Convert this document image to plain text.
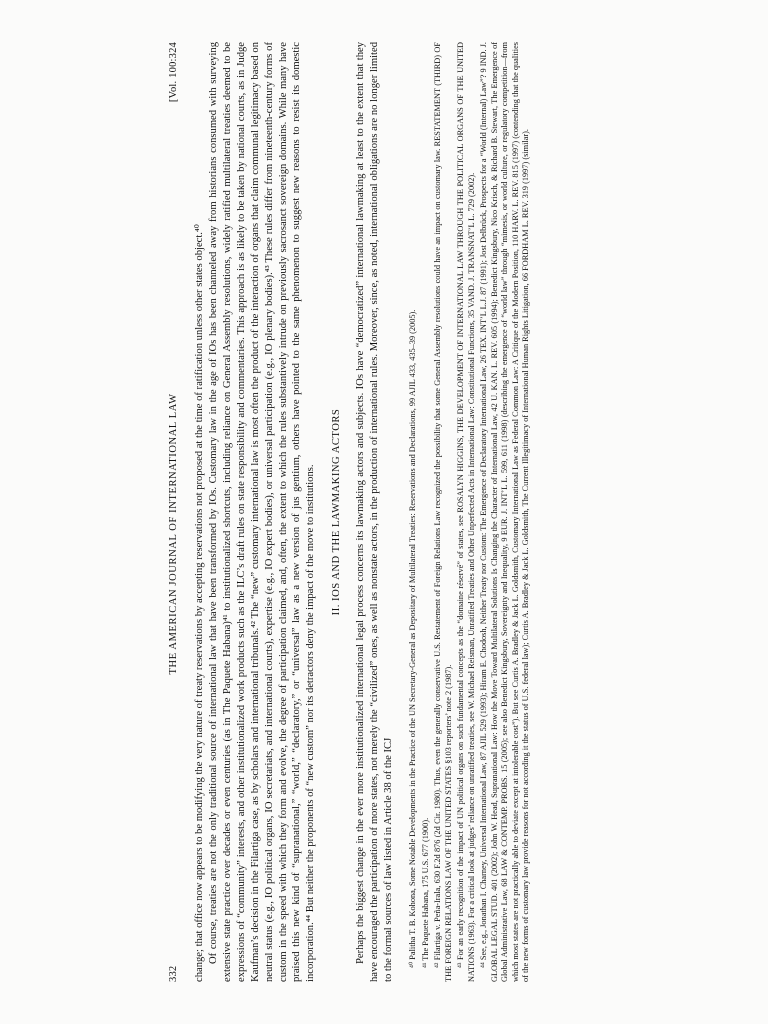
332
THE AMERICAN JOURNAL OF INTERNATIONAL LAW
[Vol. 100:324

change; that office now appears to be modifying the very nature of treaty reservations by accepting reservations not proposed at the time of ratification unless other states object.⁴⁰ Of course, treaties are not the only traditional source of international law that have been transformed by IOs. Customary law in the age of IOs has been channeled away from historians consumed with surveying extensive state practice over decades or even centuries (as in The Paquete Habana)⁴¹ to institutionalized shortcuts, including reliance on General Assembly resolutions, widely ratified multilateral treaties deemed to be expressions of “community” interests, and other institutionalized work products such as the ILC’s draft rules on state responsibility and commentaries. This approach is as likely to be taken by national courts, as in Judge Kaufman’s decision in the Filartiga case, as by scholars and international tribunals.⁴² The “new” customary international law is most often the product of the interaction of organs that claim communal legitimacy based on neutral status (e.g., IO political organs, IO secretariats, and international courts), expertise (e.g., IO expert bodies), or universal participation (e.g., IO plenary bodies).⁴³ These rules differ from nineteenth-century forms of custom in the speed with which they form and evolve, the degree of participation claimed, and, often, the extent to which the rules substantively intrude on previously sacrosanct sovereign domains. While many have praised this new kind of “supranational,” “world,” “declaratory,” or “universal” law as a new version of jus gentium, others have pointed to the same phenomenon to suggest new reasons to resist its domestic incorporation.⁴⁴ But neither the proponents of “new custom” nor its detractors deny the impact of the move to institutions. II. IOS AND THE LAWMAKING ACTORS Perhaps the biggest change in the ever more institutionalized international legal process concerns its lawmaking actors and subjects. IOs have “democratized” international lawmaking at least to the extent that they have encouraged the participation of more states, not merely the “civilized” ones, as well as nonstate actors, in the production of international rules. Moreover, since, as noted, international obligations are no longer limited to the formal sources of law listed in Article 38 of the ICJ ⁴⁰ Palitha T. B. Kohona, Some Notable Developments in the Practice of the UN Secretary-General as Depositary of Multilateral Treaties: Reservations and Declarations, 99 AJIL 433, 435–39 (2005). ⁴¹ The Paquete Habana, 175 U.S. 677 (1900). ⁴² Filartiga v. Peña-Irala, 630 F.2d 876 (2d Cir. 1980). Thus, even the generally conservative U.S. Restatement of Foreign Relations Law recognized the possibility that some General Assembly resolutions could have an impact on customary law. RESTATEMENT (THIRD) OF THE FOREIGN RELATIONS LAW OF THE UNITED STATES §103 reporters’ note 2 (1987). ⁴³ For an early recognition of the impact of UN political organs on such fundamental concepts as the “domaine réservé” of states, see ROSALYN HIGGINS, THE DEVELOPMENT OF INTERNATIONAL LAW THROUGH THE POLITICAL ORGANS OF THE UNITED NATIONS (1963). For a critical look at judges’ reliance on unratified treaties, see W. Michael Reisman, Unratified Treaties and Other Unperfected Acts in International Law: Constitutional Functions, 35 VAND. J. TRANSNAT’L L. 729 (2002). ⁴⁴ See, e.g., Jonathan I. Charney, Universal International Law, 87 AJIL 529 (1993); Hiram E. Chodosh, Neither Treaty nor Custom: The Emergence of Declaratory International Law, 26 TEX. INT’L L.J. 87 (1991); Jost Delbrück, Prospects for a “World (Internal) Law”? 9 IND. J. GLOBAL LEGAL STUD. 401 (2002); John W. Head, Supranational Law: How the Move Toward Multilateral Solutions Is Changing the Character of International Law, 42 U. KAN. L. REV. 605 (1994); Benedict Kingsbury, Nico Krisch, & Richard B. Stewart, The Emergence of Global Administrative Law, 68 LAW & CONTEMP. PROBS. 15 (2005); see also Benedict Kingsbury, Sovereignty and Inequality, 9 EUR. J. INT’L L. 599, 611 (1998) (describing the emergence of “world law” through “mimesis, or world culture, or regulatory competition—from which most states are not practically able to deviate except at intolerable cost”). But see Curtis A. Bradley & Jack L. Goldsmith, Customary International Law as Federal Common Law: A Critique of the Modern Position, 110 HARV. L. REV. 815 (1997) (contending that the qualities of the new forms of customary law provide reasons for not according it the status of U.S. federal law); Curtis A. Bradley & Jack L. Goldsmith, The Current Illegitimacy of International Human Rights Litigation, 66 FORDHAM L. REV. 319 (1997) (similar).
